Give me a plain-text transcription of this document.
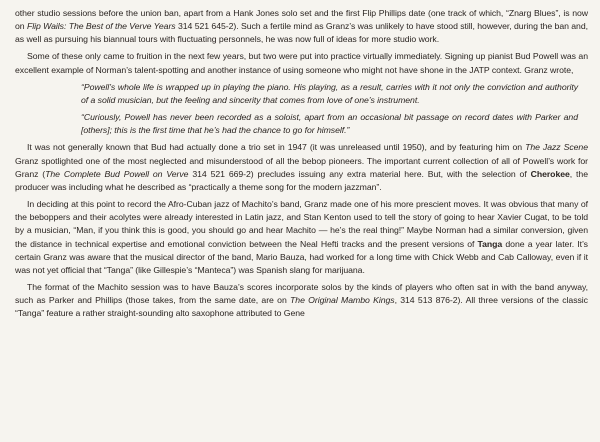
other studio sessions before the union ban, apart from a Hank Jones solo set and the first Flip Phillips date (one track of which, “Znarg Blues”, is now on Flip Wails: The Best of the Verve Years 314 521 645-2). Such a fertile mind as Granz’s was unlikely to have stood still, however, during the ban and, as well as pursuing his biannual tours with fluctuating personnels, he was now full of ideas for more studio work.

Some of these only came to fruition in the next few years, but two were put into practice virtually immediately. Signing up pianist Bud Powell was an excellent example of Norman’s talent-spotting and another instance of using someone who might not have shone in the JATP context. Granz wrote,

“Powell’s whole life is wrapped up in playing the piano. His playing, as a result, carries with it not only the conviction and authority of a solid musician, but the feeling and sincerity that comes from love of one’s instrument.

“Curiously, Powell has never been recorded as a soloist, apart from an occasional bit passage on record dates with Parker and [others]; this is the first time that he’s had the chance to go for himself.”

It was not generally known that Bud had actually done a trio set in 1947 (it was unreleased until 1950), and by featuring him on The Jazz Scene Granz spotlighted one of the most neglected and misunderstood of all the bebop pioneers. The important current collection of all of Powell’s work for Granz (The Complete Bud Powell on Verve 314 521 669-2) precludes issuing any extra material here. But, with the selection of Cherokee, the producer was including what he described as “practically a theme song for the modern jazzman”.

In deciding at this point to record the Afro-Cuban jazz of Machito’s band, Granz made one of his more prescient moves. It was obvious that many of the beboppers and their acolytes were already interested in Latin jazz, and Stan Kenton used to tell the story of going to hear Xavier Cugat, to be told by a musician, “Man, if you think this is good, you should go and hear Machito — he’s the real thing!” Maybe Norman had a similar conversion, given the distance in technical expertise and emotional conviction between the Neal Hefti tracks and the present versions of Tanga done a year later. It’s certain Granz was aware that the musical director of the band, Mario Bauza, had worked for a long time with Chick Webb and Cab Calloway, even if it was not yet official that “Tanga” (like Gillespie’s “Manteca”) was Spanish slang for marijuana.

The format of the Machito session was to have Bauza’s scores incorporate solos by the kinds of players who often sat in with the band anyway, such as Parker and Phillips (those takes, from the same date, are on The Original Mambo Kings, 314 513 876-2). All three versions of the classic “Tanga” feature a rather straight-sounding alto saxophone attributed to Gene
